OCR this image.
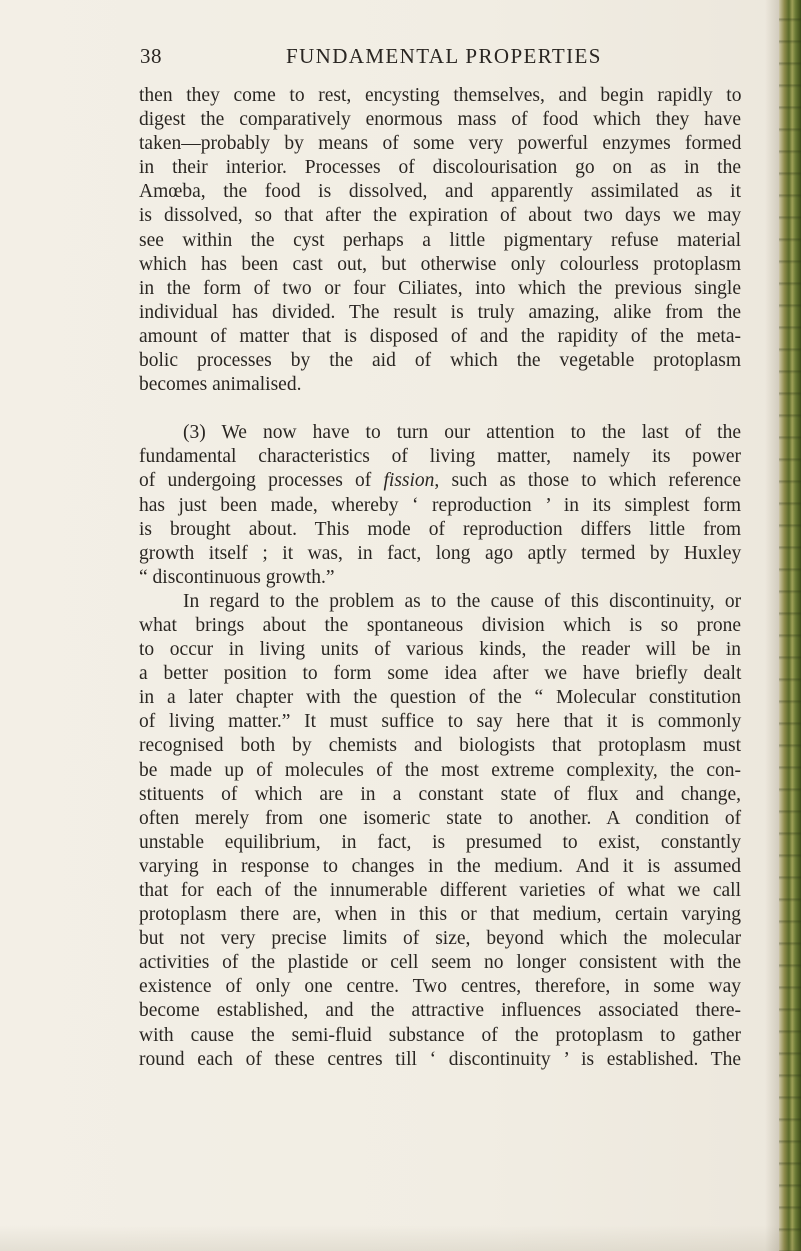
38	FUNDAMENTAL PROPERTIES
then they come to rest, encysting themselves, and begin rapidly to
digest the comparatively enormous mass of food which they have
taken—probably by means of some very powerful enzymes formed
in their interior. Processes of discolourisation go on as in the
Amœba, the food is dissolved, and apparently assimilated as it
is dissolved, so that after the expiration of about two days we may
see within the cyst perhaps a little pigmentary refuse material
which has been cast out, but otherwise only colourless protoplasm
in the form of two or four Ciliates, into which the previous single
individual has divided. The result is truly amazing, alike from the
amount of matter that is disposed of and the rapidity of the meta-
bolic processes by the aid of which the vegetable protoplasm
becomes animalised.
(3) We now have to turn our attention to the last of the
fundamental characteristics of living matter, namely its power
of undergoing processes of fission, such as those to which reference
has just been made, whereby ‘ reproduction ’ in its simplest form
is brought about. This mode of reproduction differs little from
growth itself ; it was, in fact, long ago aptly termed by Huxley
“ discontinuous growth.”
In regard to the problem as to the cause of this discontinuity, or
what brings about the spontaneous division which is so prone
to occur in living units of various kinds, the reader will be in
a better position to form some idea after we have briefly dealt
in a later chapter with the question of the “ Molecular constitution
of living matter.” It must suffice to say here that it is commonly
recognised both by chemists and biologists that protoplasm must
be made up of molecules of the most extreme complexity, the con-
stituents of which are in a constant state of flux and change,
often merely from one isomeric state to another. A condition of
unstable equilibrium, in fact, is presumed to exist, constantly
varying in response to changes in the medium. And it is assumed
that for each of the innumerable different varieties of what we call
protoplasm there are, when in this or that medium, certain varying
but not very precise limits of size, beyond which the molecular
activities of the plastide or cell seem no longer consistent with the
existence of only one centre. Two centres, therefore, in some way
become established, and the attractive influences associated there-
with cause the semi-fluid substance of the protoplasm to gather
round each of these centres till ‘ discontinuity ’ is established. The
